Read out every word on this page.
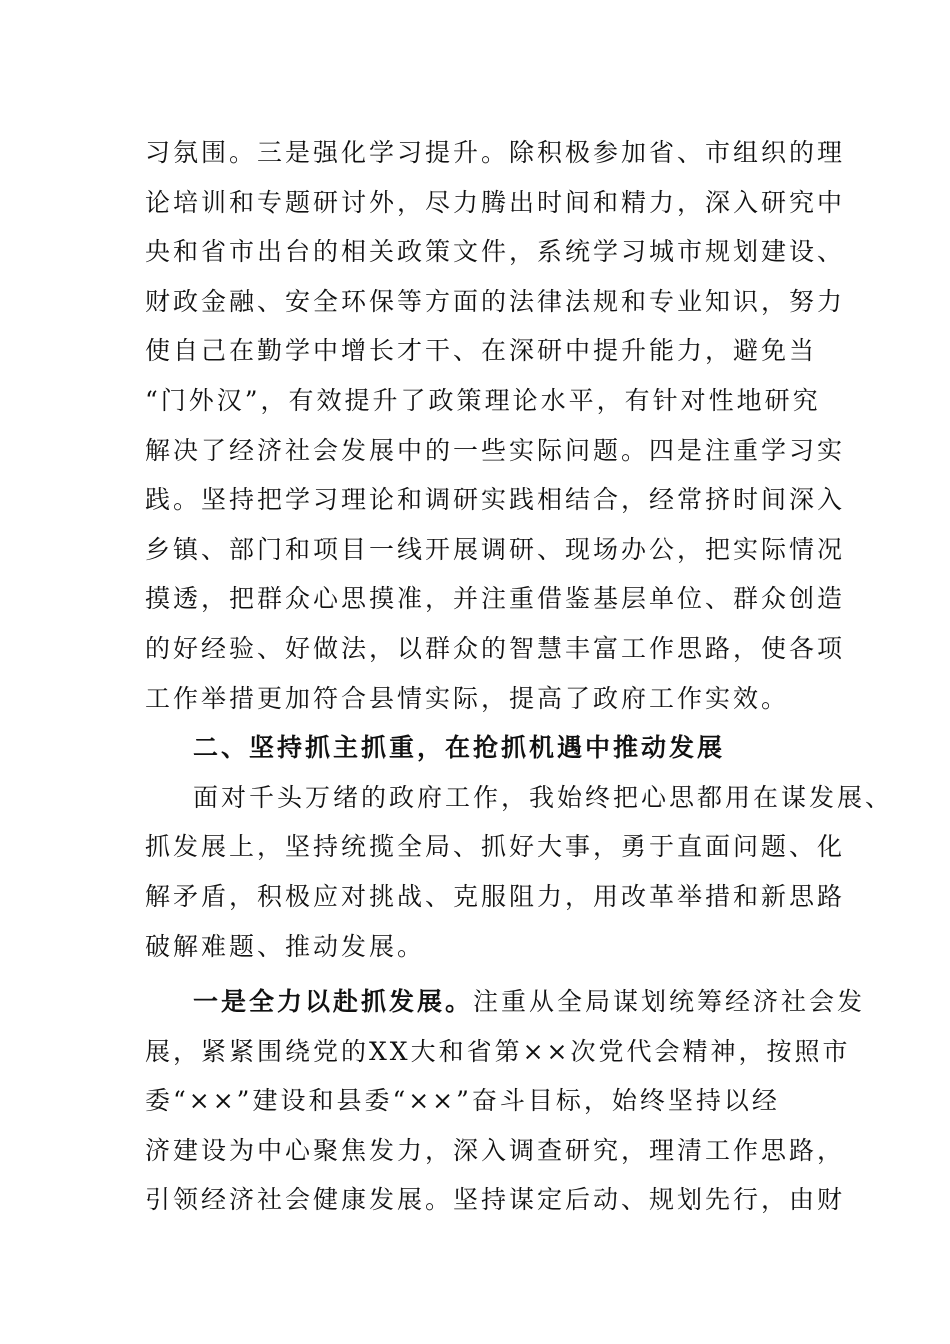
习氛围。三是强化学习提升。除积极参加省、市组织的理
论培训和专题研讨外，尽力腾出时间和精力，深入研究中
央和省市出台的相关政策文件，系统学习城市规划建设、
财政金融、安全环保等方面的法律法规和专业知识，努力
使自己在勤学中增长才干、在深研中提升能力，避免当
“门外汉”，有效提升了政策理论水平，有针对性地研究
解决了经济社会发展中的一些实际问题。四是注重学习实
践。坚持把学习理论和调研实践相结合，经常挤时间深入
乡镇、部门和项目一线开展调研、现场办公，把实际情况
摸透，把群众心思摸准，并注重借鉴基层单位、群众创造
的好经验、好做法，以群众的智慧丰富工作思路，使各项
工作举措更加符合县情实际，提高了政府工作实效。
二、坚持抓主抓重，在抢抓机遇中推动发展
面对千头万绪的政府工作，我始终把心思都用在谋发展、
抓发展上，坚持统揽全局、抓好大事，勇于直面问题、化
解矛盾，积极应对挑战、克服阻力，用改革举措和新思路
破解难题、推动发展。
一是全力以赴抓发展。注重从全局谋划统筹经济社会发
展，紧紧围绕党的XX大和省第××次党代会精神，按照市
委“××”建设和县委“××”奋斗目标，始终坚持以经
济建设为中心聚焦发力，深入调查研究，理清工作思路，
引领经济社会健康发展。坚持谋定后动、规划先行，由财
